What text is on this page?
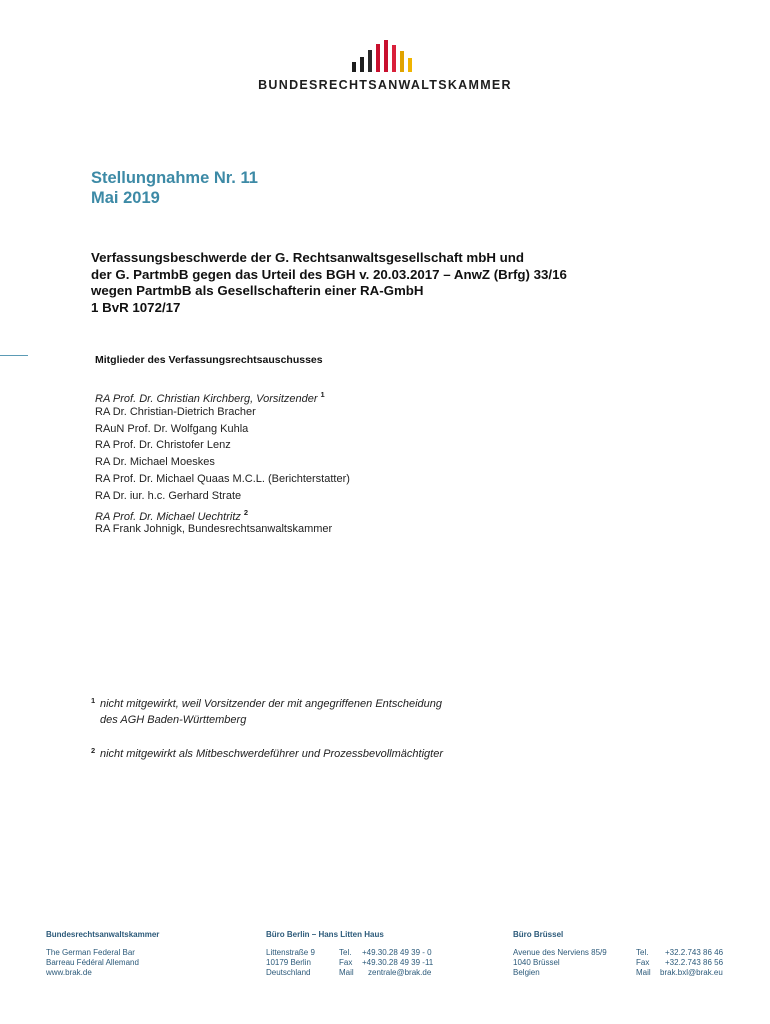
BUNDESRECHTSANWALTSKAMMER
Stellungnahme Nr. 11
Mai 2019
Verfassungsbeschwerde der G. Rechtsanwaltsgesellschaft mbH und
der G. PartmbB gegen das Urteil des BGH v. 20.03.2017 – AnwZ (Brfg) 33/16
wegen PartmbB als Gesellschafterin einer RA-GmbH
1 BvR 1072/17
Mitglieder des Verfassungsrechtsauschusses
RA Prof. Dr. Christian Kirchberg, Vorsitzender $^1$
RA Dr. Christian-Dietrich Bracher
RAuN Prof. Dr. Wolfgang Kuhla
RA Prof. Dr. Christofer Lenz
RA Dr. Michael Moeskes
RA Prof. Dr. Michael Quaas M.C.L. (Berichterstatter)
RA Dr. iur. h.c. Gerhard Strate
RA Prof. Dr. Michael Uechtritz $^2$
RA Frank Johnigk, Bundesrechtsanwaltskammer
1 nicht mitgewirkt, weil Vorsitzender der mit angegriffenen Entscheidung
des AGH Baden-Württemberg
2 nicht mitgewirkt als Mitbeschwerdeführer und Prozessbevollmächtigter
Bundesrechtsanwaltskammer
The German Federal Bar
Barreau Fédéral Allemand
www.brak.de
Büro Berlin – Hans Litten Haus
Littenstraße 9
10179 Berlin
Deutschland
Tel.
Fax
Mail
+49.30.28 49 39 - 0
+49.30.28 49 39 -11
zentrale@brak.de
Büro Brüssel
Avenue des Nerviens 85/9
1040 Brüssel
Belgien
Tel.
Fax
Mail
+32.2.743 86 46
+32.2.743 86 56
brak.bxl@brak.eu
